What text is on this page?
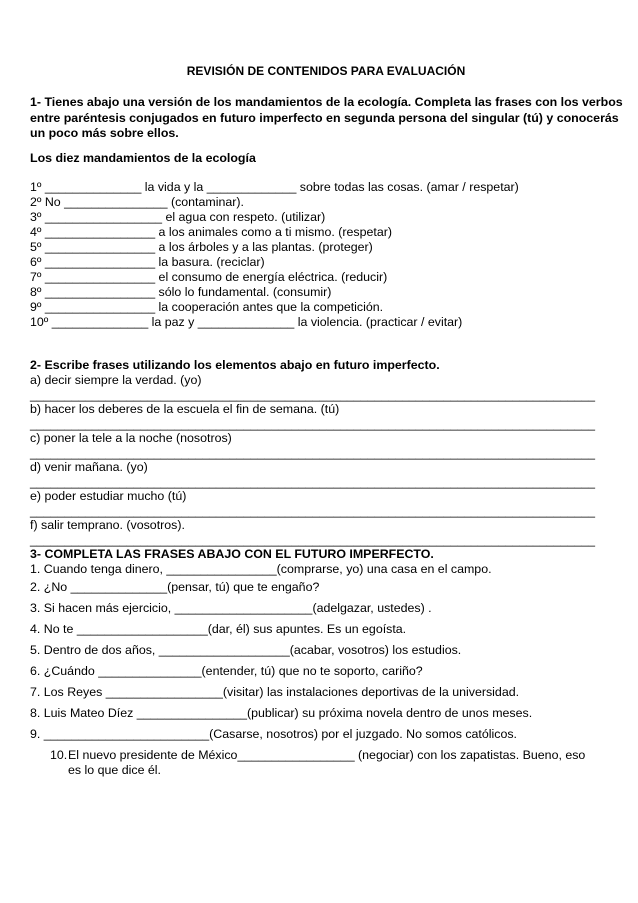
REVISIÓN DE CONTENIDOS PARA EVALUACIÓN
1- Tienes abajo una versión de los mandamientos de la ecología. Completa las frases con los verbos entre paréntesis conjugados en futuro imperfecto en segunda persona del singular (tú) y conocerás un poco más sobre ellos.
Los diez mandamientos de la ecología
1º ______________ la vida y la _____________ sobre todas las cosas. (amar / respetar)
2º No _______________ (contaminar).
3º _________________ el agua con respeto. (utilizar)
4º ________________ a los animales como a ti mismo. (respetar)
5º ________________ a los árboles y a las plantas. (proteger)
6º ________________ la basura. (reciclar)
7º ________________ el consumo de energía eléctrica. (reducir)
8º ________________ sólo lo fundamental. (consumir)
9º ________________ la cooperación antes que la competición.
10º ______________ la paz y ______________ la violencia. (practicar / evitar)
2- Escribe frases utilizando los elementos abajo en futuro imperfecto.
a) decir siempre la verdad. (yo)
__________________________________________________________________________________
b) hacer los deberes de la escuela el fin de semana. (tú)
__________________________________________________________________________________
c) poner la tele a la noche (nosotros)
__________________________________________________________________________________
d) venir mañana. (yo)
__________________________________________________________________________________
e) poder estudiar mucho (tú)
__________________________________________________________________________________
f) salir temprano. (vosotros).
__________________________________________________________________________________
3- COMPLETA LAS FRASES ABAJO CON EL FUTURO IMPERFECTO.
1. Cuando tenga dinero, ________________(comprarse, yo) una casa en el campo.
2. ¿No ______________(pensar, tú) que te engaño?
3. Si hacen más ejercicio, ____________________(adelgazar, ustedes) .
4. No te ___________________(dar, él) sus apuntes. Es un egoísta.
5. Dentro de dos años, ___________________(acabar, vosotros) los estudios.
6. ¿Cuándo _______________(entender, tú) que no te soporto, cariño?
7. Los Reyes _________________(visitar) las instalaciones deportivas de la universidad.
8. Luis Mateo Díez ________________(publicar) su próxima novela dentro de unos meses.
9. ________________________(Casarse, nosotros) por el juzgado. No somos católicos.
10.El nuevo presidente de México_________________ (negociar) con los zapatistas. Bueno, eso
es lo que dice él.
